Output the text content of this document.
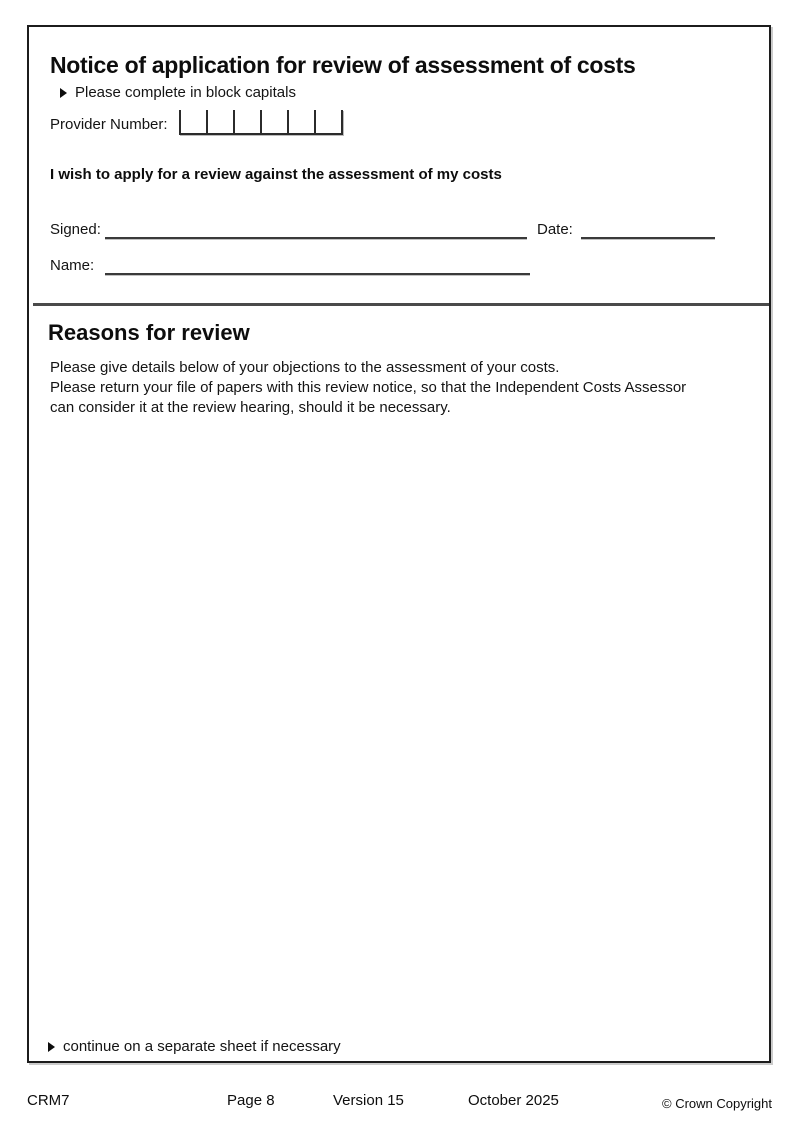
Notice of application for review of assessment of costs
Please complete in block capitals
Provider Number:
I wish to apply for a review against the assessment of my costs
Signed:	Date:
Name:
Reasons for review
Please give details below of your objections to the assessment of your costs.
Please return your file of papers with this review notice, so that the Independent Costs Assessor
can consider it at the review hearing, should it be necessary.
continue on a separate sheet if necessary
CRM7	Page 8	Version 15	October 2025	© Crown Copyright
